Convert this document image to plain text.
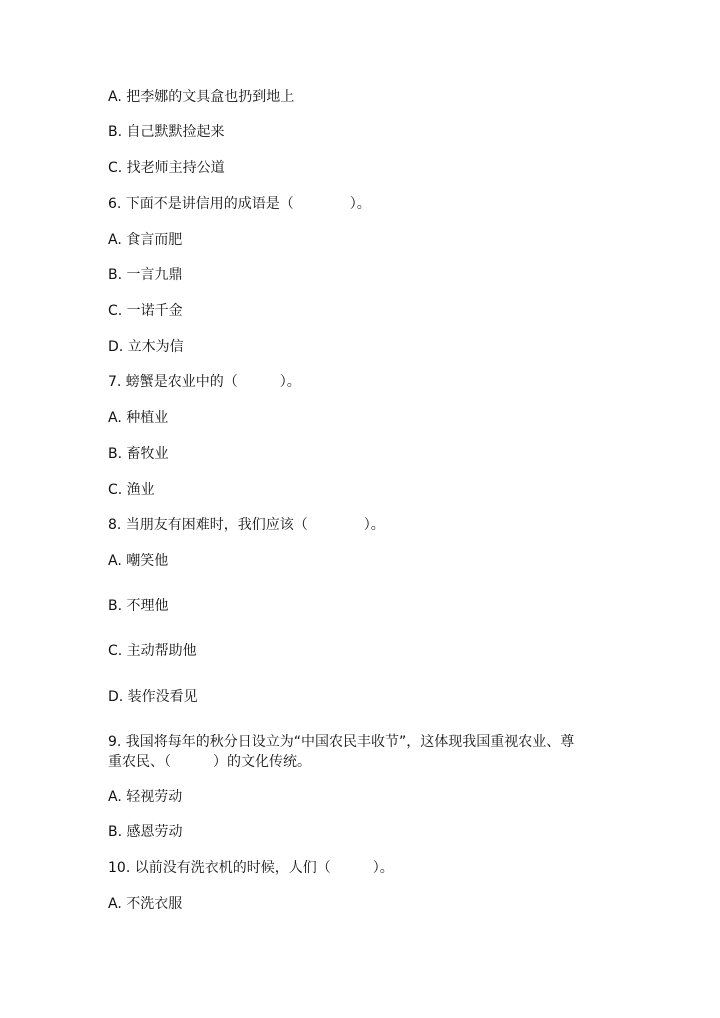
A. 把李娜的文具盒也扔到地上
B. 自己默默捡起来
C. 找老师主持公道
6. 下面不是讲信用的成语是（　　　　）。
A. 食言而肥
B. 一言九鼎
C. 一诺千金
D. 立木为信
7. 螃蟹是农业中的（　　　）。
A. 种植业
B. 畜牧业
C. 渔业
8. 当朋友有困难时，我们应该（　　　　）。
A. 嘲笑他
B. 不理他
C. 主动帮助他
D. 装作没看见
9. 我国将每年的秋分日设立为“中国农民丰收节”，这体现我国重视农业、尊
重农民、（　　　）的文化传统。
A. 轻视劳动
B. 感恩劳动
10. 以前没有洗衣机的时候，人们（　　　）。
A. 不洗衣服
